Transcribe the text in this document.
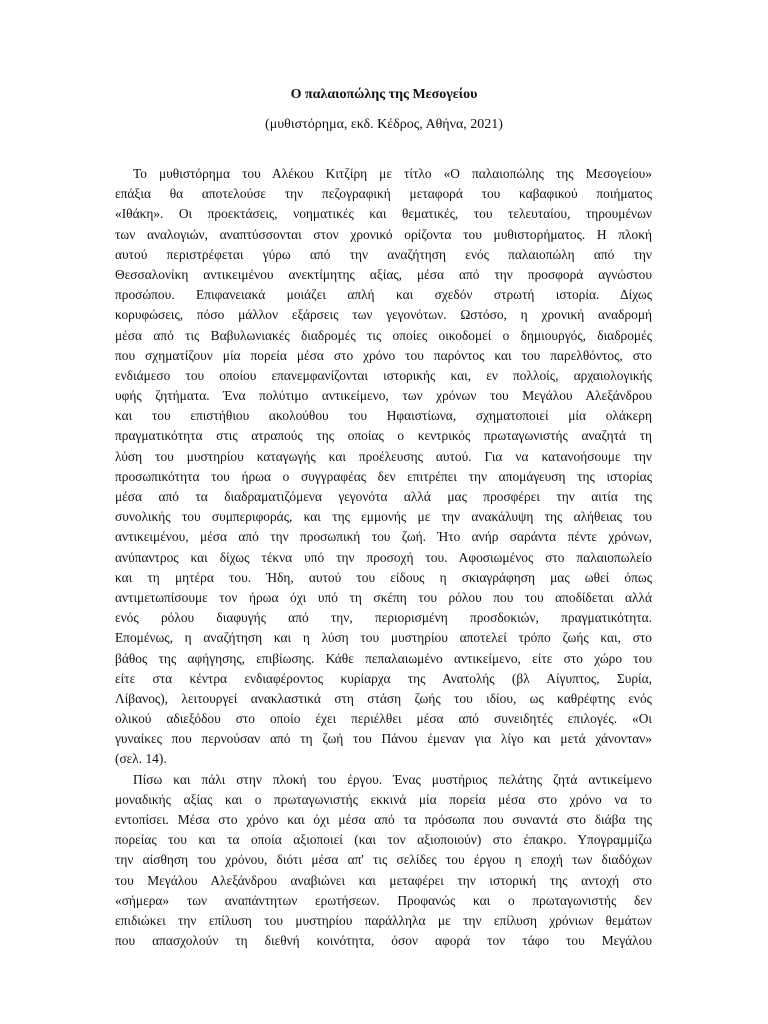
Ο παλαιοπώλης της Μεσογείου
(μυθιστόρημα, εκδ. Κέδρος, Αθήνα, 2021)
Το μυθιστόρημα του Αλέκου Κιτζίρη με τίτλο «Ο παλαιοπώλης της Μεσογείου»
επάξια θα αποτελούσε την πεζογραφική μεταφορά του καβαφικού ποιήματος
«Ιθάκη». Οι προεκτάσεις, νοηματικές και θεματικές, του τελευταίου, τηρουμένων
των αναλογιών, αναπτύσσονται στον χρονικό ορίζοντα του μυθιστορήματος. Η πλοκή
αυτού περιστρέφεται γύρω από την αναζήτηση ενός παλαιοπώλη από την
Θεσσαλονίκη αντικειμένου ανεκτίμητης αξίας, μέσα από την προσφορά αγνώστου
προσώπου. Επιφανειακά μοιάζει απλή και σχεδόν στρωτή ιστορία. Δίχως
κορυφώσεις, πόσο μάλλον εξάρσεις των γεγονότων. Ωστόσο, η χρονική αναδρομή
μέσα από τις Βαβυλωνιακές διαδρομές τις οποίες οικοδομεί ο δημιουργός, διαδρομές
που σχηματίζουν μία πορεία μέσα στο χρόνο του παρόντος και του παρελθόντος, στο
ενδιάμεσο του οποίου επανεμφανίζονται ιστορικής και, εν πολλοίς, αρχαιολογικής
υφής ζητήματα. Ένα πολύτιμο αντικείμενο, των χρόνων του Μεγάλου Αλεξάνδρου
και του επιστήθιου ακολούθου του Ηφαιστίωνα, σχηματοποιεί μία ολάκερη
πραγματικότητα στις ατραπούς της οποίας ο κεντρικός πρωταγωνιστής αναζητά τη
λύση του μυστηρίου καταγωγής και προέλευσης αυτού. Για να κατανοήσουμε την
προσωπικότητα του ήρωα ο συγγραφέας δεν επιτρέπει την απομάγευση της ιστορίας
μέσα από τα διαδραματιζόμενα γεγονότα αλλά μας προσφέρει την αιτία της
συνολικής του συμπεριφοράς, και της εμμονής με την ανακάλυψη της αλήθειας του
αντικειμένου, μέσα από την προσωπική του ζωή. Ήτο ανήρ σαράντα πέντε χρόνων,
ανύπαντρος και δίχως τέκνα υπό την προσοχή του. Αφοσιωμένος στο παλαιοπωλείο
και τη μητέρα του. Ήδη, αυτού του είδους η σκιαγράφηση μας ωθεί όπως
αντιμετωπίσουμε τον ήρωα όχι υπό τη σκέπη του ρόλου που του αποδίδεται αλλά
ενός ρόλου διαφυγής από την, περιορισμένη προσδοκιών, πραγματικότητα.
Επομένως, η αναζήτηση και η λύση του μυστηρίου αποτελεί τρόπο ζωής και, στο
βάθος της αφήγησης, επιβίωσης. Κάθε πεπαλαιωμένο αντικείμενο, είτε στο χώρο του
είτε στα κέντρα ενδιαφέροντος κυρίαρχα της Ανατολής (βλ Αίγυπτος, Συρία,
Λίβανος), λειτουργεί ανακλαστικά στη στάση ζωής του ιδίου, ως καθρέφτης ενός
ολικού αδιεξόδου στο οποίο έχει περιέλθει μέσα από συνειδητές επιλογές. «Οι
γυναίκες που περνούσαν από τη ζωή του Πάνου έμεναν για λίγο και μετά χάνονταν»
(σελ. 14).
Πίσω και πάλι στην πλοκή του έργου. Ένας μυστήριος πελάτης ζητά αντικείμενο
μοναδικής αξίας και ο πρωταγωνιστής εκκινά μία πορεία μέσα στο χρόνο να το
εντοπίσει. Μέσα στο χρόνο και όχι μέσα από τα πρόσωπα που συναντά στο διάβα της
πορείας του και τα οποία αξιοποιεί (και τον αξιοποιούν) στο έπακρο. Υπογραμμίζω
την αίσθηση του χρόνου, διότι μέσα απ' τις σελίδες του έργου η εποχή των διαδόχων
του Μεγάλου Αλεξάνδρου αναβιώνει και μεταφέρει την ιστορική της αντοχή στο
«σήμερα» των αναπάντητων ερωτήσεων. Προφανώς και ο πρωταγωνιστής δεν
επιδιώκει την επίλυση του μυστηρίου παράλληλα με την επίλυση χρόνιων θεμάτων
που απασχολούν τη διεθνή κοινότητα, όσον αφορά τον τάφο του Μεγάλου
